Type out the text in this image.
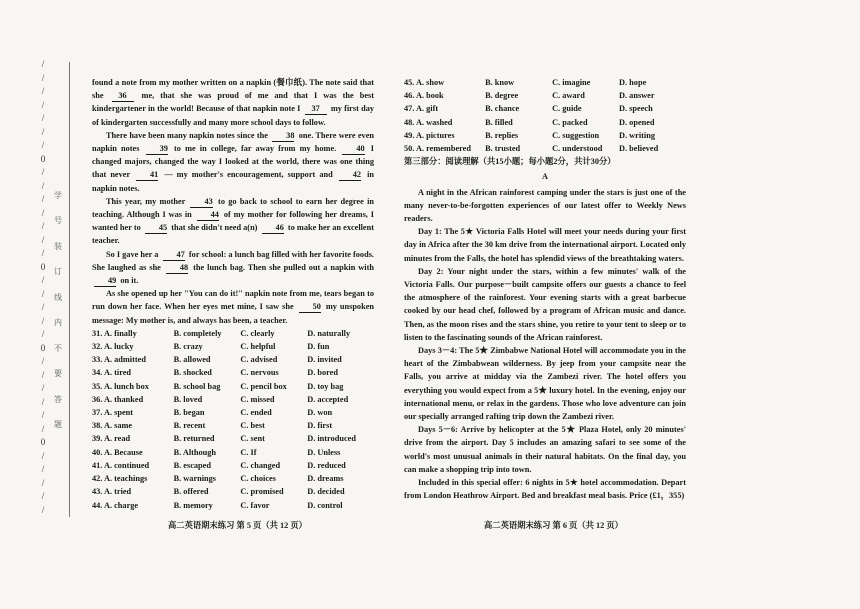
/
/
/
/
/
/
/
0
/
/
/
/
/
/
/
0
/
/
/
/
/
0
/
/
/
/
/
/
0
/
/
/
/
/
学
号
装
订
线
内
不
要
答
题

found a note from my mother written on a napkin (餐巾纸). The note said that she 36 me, that she was proud of me and that I was the best kindergartener in the world! Because of that napkin note I 37 my first day of kindergarten successfully and many more school days to follow.

There have been many napkin notes since the 38 one. There were even napkin notes 39 to me in college, far away from my home. 40 I changed majors, changed the way I looked at the world, there was one thing that never 41 — my mother's encouragement, support and 42 in napkin notes.

This year, my mother 43 to go back to school to earn her degree in teaching. Although I was in 44 of my mother for following her dreams, I wanted her to 45 that she didn't need a(n) 46 to make her an excellent teacher.

So I gave her a 47 for school: a lunch bag filled with her favorite foods. She laughed as she 48 the lunch bag. Then she pulled out a napkin with 49 on it.

As she opened up her "You can do it!" napkin note from me, tears began to run down her face. When her eyes met mine, I saw she 50 my unspoken message: My mother is, and always has been, a teacher.

31. A. finally	B. completely	C. clearly	D. naturally
32. A. lucky	B. crazy	C. helpful	D. fun
33. A. admitted	B. allowed	C. advised	D. invited
34. A. tired	B. shocked	C. nervous	D. bored
35. A. lunch box	B. school bag	C. pencil box	D. toy bag
36. A. thanked	B. loved	C. missed	D. accepted
37. A. spent	B. began	C. ended	D. won
38. A. same	B. recent	C. best	D. first
39. A. read	B. returned	C. sent	D. introduced
40. A. Because	B. Although	C. If	D. Unless
41. A. continued	B. escaped	C. changed	D. reduced
42. A. teachings	B. warnings	C. choices	D. dreams
43. A. tried	B. offered	C. promised	D. decided
44. A. charge	B. memory	C. favor	D. control
45. A. show	B. know	C. imagine	D. hope
46. A. book	B. degree	C. award	D. answer
47. A. gift	B. chance	C. guide	D. speech
48. A. washed	B. filled	C. packed	D. opened
49. A. pictures	B. replies	C. suggestion	D. writing
50. A. remembered	B. trusted	C. understood	D. believed

第三部分：阅读理解（共15小题；每小题2分，共计30分）

A

A night in the African rainforest camping under the stars is just one of the many never-to-be-forgotten experiences of our latest offer to Weekly News readers.

Day 1: The 5★ Victoria Falls Hotel will meet your needs during your first day in Africa after the 30 km drive from the international airport. Located only minutes from the Falls, the hotel has splendid views of the breathtaking waters.

Day 2: Your night under the stars, within a few minutes' walk of the Victoria Falls. Our purpose－built campsite offers our guests a chance to feel the atmosphere of the rainforest. Your evening starts with a great barbecue cooked by our head chef, followed by a program of African music and dance. Then, as the moon rises and the stars shine, you retire to your tent to sleep or to listen to the fascinating sounds of the African rainforest.

Days 3－4: The 5★ Zimbabwe National Hotel will accommodate you in the heart of the Zimbabwean wilderness. By jeep from your campsite near the Falls, you arrive at midday via the Zambezi river. The hotel offers you everything you would expect from a 5★ luxury hotel. In the evening, enjoy our international menu, or relax in the gardens. Those who love adventure can join our specially arranged rafting trip down the Zambezi river.

Days 5－6: Arrive by helicopter at the 5★ Plaza Hotel, only 20 minutes' drive from the airport. Day 5 includes an amazing safari to see some of the world's most unusual animals in their natural habitats. On the final day, you can make a shopping trip into town.

Included in this special offer: 6 nights in 5★ hotel accommodation. Depart from London Heathrow Airport. Bed and breakfast meal basis. Price (£1，355)

高二英语期末练习 第 5 页（共 12 页）	高二英语期末练习 第 6 页（共 12 页）
